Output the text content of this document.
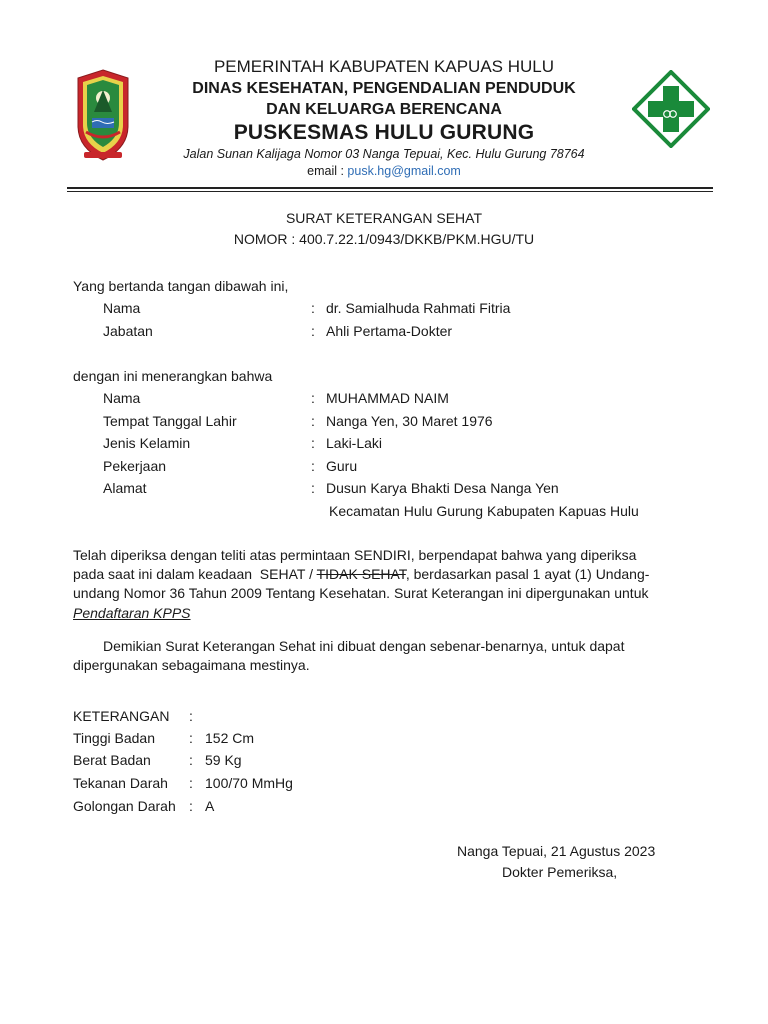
PEMERINTAH KABUPATEN KAPUAS HULU
DINAS KESEHATAN, PENGENDALIAN PENDUDUK
DAN KELUARGA BERENCANA
PUSKESMAS HULU GURUNG
Jalan Sunan Kalijaga Nomor 03 Nanga Tepuai, Kec. Hulu Gurung 78764
email : pusk.hg@gmail.com
SURAT KETERANGAN SEHAT
NOMOR : 400.7.22.1/0943/DKKB/PKM.HGU/TU
Yang bertanda tangan dibawah ini,
Nama	: dr. Samialhuda Rahmati Fitria
Jabatan	: Ahli Pertama-Dokter
dengan ini menerangkan bahwa
Nama	: MUHAMMAD NAIM
Tempat Tanggal Lahir	: Nanga Yen, 30 Maret 1976
Jenis Kelamin	: Laki-Laki
Pekerjaan	: Guru
Alamat	: Dusun Karya Bhakti Desa Nanga Yen
Kecamatan Hulu Gurung Kabupaten Kapuas Hulu
Telah diperiksa dengan teliti atas permintaan SENDIRI, berpendapat bahwa yang diperiksa
pada saat ini dalam keadaan  SEHAT / TIDAK SEHAT, berdasarkan pasal 1 ayat (1) Undang-
undang Nomor 36 Tahun 2009 Tentang Kesehatan. Surat Keterangan ini dipergunakan untuk
Pendaftaran KPPS
Demikian Surat Keterangan Sehat ini dibuat dengan sebenar-benarnya, untuk dapat
dipergunakan sebagaimana mestinya.
KETERANGAN :
Tinggi Badan : 152 Cm
Berat Badan	: 59 Kg
Tekanan Darah : 100/70 MmHg
Golongan Darah : A
Nanga Tepuai, 21 Agustus 2023
Dokter Pemeriksa,
